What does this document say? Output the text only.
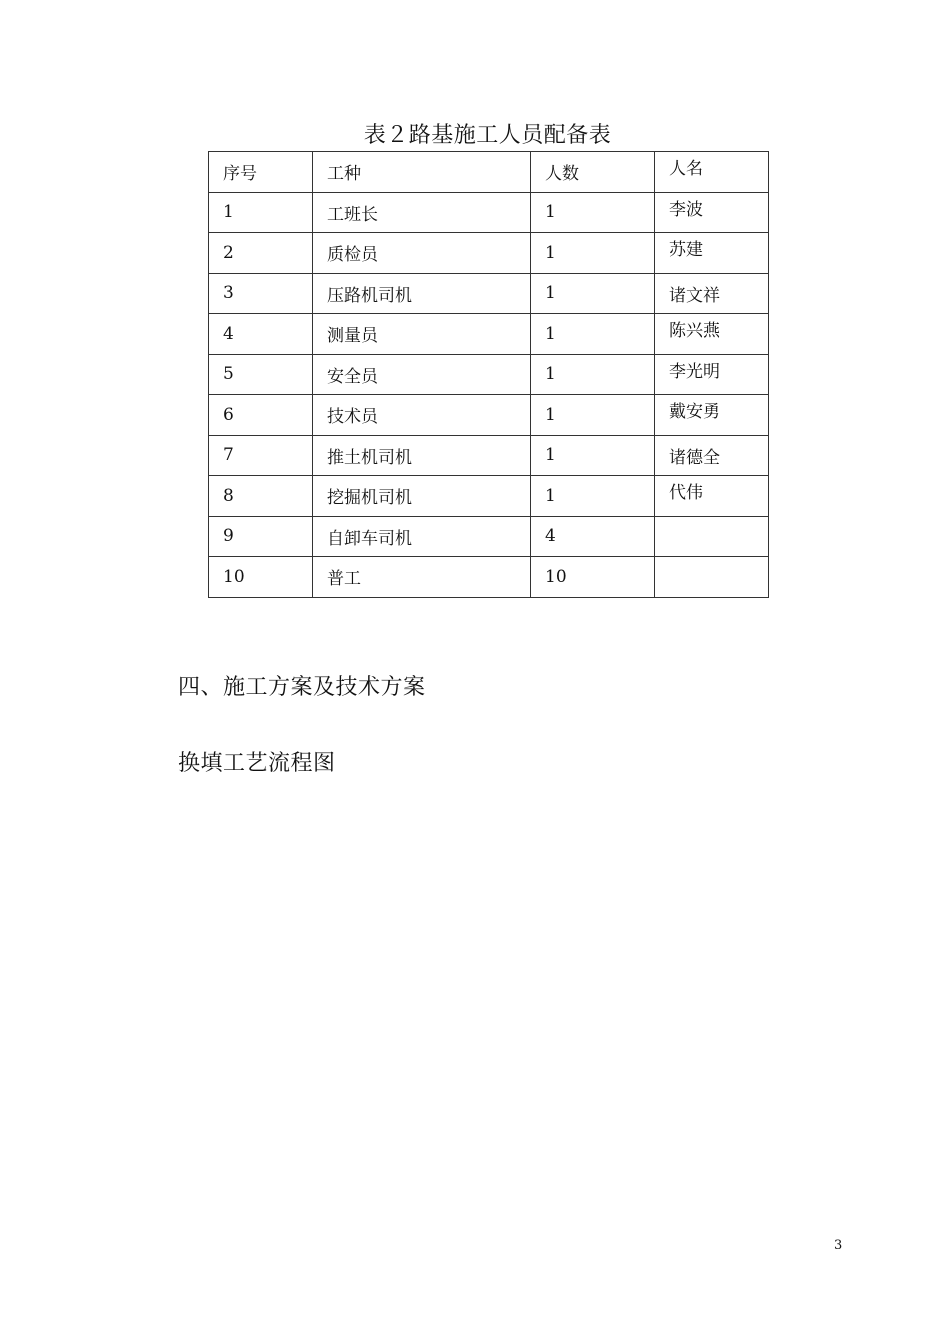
表２路基施工人员配备表
序号	工种	人数	人名
1	工班长	1	李波
2	质检员	1	苏建
3	压路机司机	1	诸文祥
4	测量员	1	陈兴燕
5	安全员	1	李光明
6	技术员	1	戴安勇
7	推土机司机	1	诸德全
8	挖掘机司机	1	代伟
9	自卸车司机	4	
10	普工	10	
四、施工方案及技术方案
换填工艺流程图
3
